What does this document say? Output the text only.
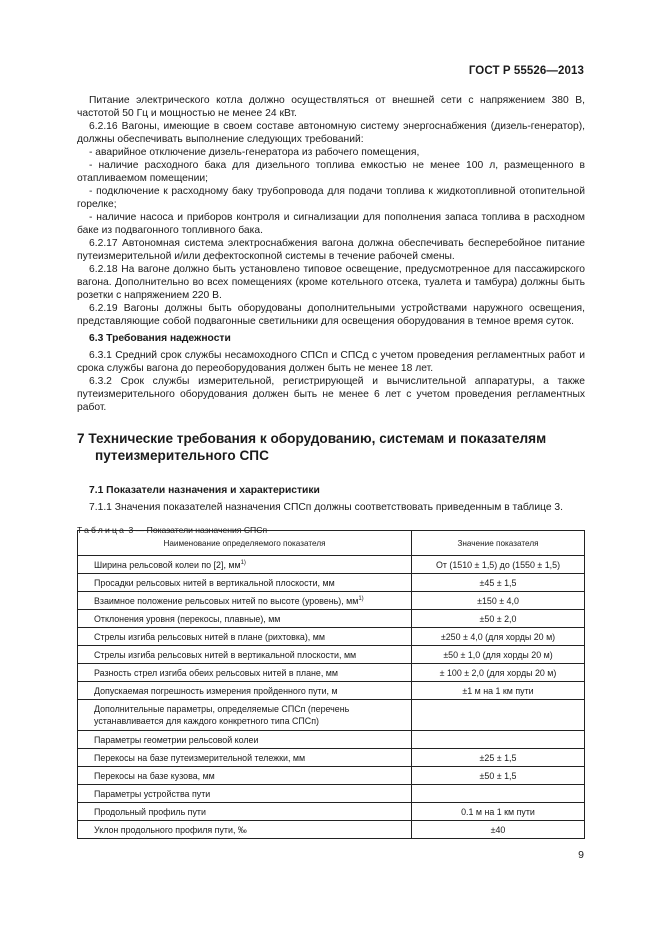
ГОСТ Р 55526—2013

Питание электрического котла должно осуществляться от внешней сети с напряжением 380 В, частотой 50 Гц и мощностью не менее 24 кВт.

6.2.16 Вагоны, имеющие в своем составе автономную систему энергоснабжения (дизель-генератор), должны обеспечивать выполнение следующих требований:

- аварийное отключение дизель-генератора из рабочего помещения,

- наличие расходного бака для дизельного топлива емкостью не менее 100 л, размещенного в отапливаемом помещении;

- подключение к расходному баку трубопровода для подачи топлива к жидкотопливной отопительной горелке;

- наличие насоса и приборов контроля и сигнализации для пополнения запаса топлива в расходном баке из подвагонного топливного бака.

6.2.17 Автономная система электроснабжения вагона должна обеспечивать бесперебойное питание путеизмерительной и/или дефектоскопной системы в течение рабочей смены.

6.2.18 На вагоне должно быть установлено типовое освещение, предусмотренное для пассажирского вагона. Дополнительно во всех помещениях (кроме котельного отсека, туалета и тамбура) должны быть розетки с напряжением 220 В.

6.2.19 Вагоны должны быть оборудованы дополнительными устройствами наружного освещения, представляющие собой подвагонные светильники для освещения оборудования в темное время суток.

6.3 Требования надежности

6.3.1 Средний срок службы несамоходного СПСп и СПСд с учетом проведения регламентных работ и срока службы вагона до переоборудования должен быть не менее 18 лет.

6.3.2 Срок службы измерительной, регистрирующей и вычислительной аппаратуры, а также путеизмерительного оборудования должен быть не менее 6 лет с учетом проведения регламентных работ.

7 Технические требования к оборудованию, системам и показателям
путеизмерительного СПС

7.1 Показатели назначения и характеристики

7.1.1 Значения показателей назначения СПСп должны соответствовать приведенным в таблице 3.

Таблица 3 — Показатели назначения СПСп

Наименование определяемого показателя	Значение показателя
Ширина рельсовой колеи по [2], $мм^{1)}$	От (1510 ± 1,5) до (1550 ± 1,5)
Просадки рельсовых нитей в вертикальной плоскости, мм	±45 ± 1,5
Взаимное положение рельсовых нитей по высоте (уровень), $мм^{1)}$	±150 ± 4,0
Отклонения уровня (перекосы, плавные), мм	±50 ± 2,0
Стрелы изгиба рельсовых нитей в плане (рихтовка), мм	±250 ± 4,0 (для хорды 20 м)
Стрелы изгиба рельсовых нитей в вертикальной плоскости, мм	±50 ± 1,0 (для хорды 20 м)
Разность стрел изгиба обеих рельсовых нитей в плане, мм	± 100 ± 2,0 (для хорды 20 м)
Допускаемая погрешность измерения пройденного пути, м	±1 м на 1 км пути
Дополнительные параметры, определяемые СПСп (перечень устанавливается для каждого конкретного типа СПСп)	
Параметры геометрии рельсовой колеи	
Перекосы на базе путеизмерительной тележки, мм	±25 ± 1,5
Перекосы на базе кузова, мм	±50 ± 1,5
Параметры устройства пути	
Продольный профиль пути	0.1 м на 1 км пути
Уклон продольного профиля пути, ‰	±40
9
